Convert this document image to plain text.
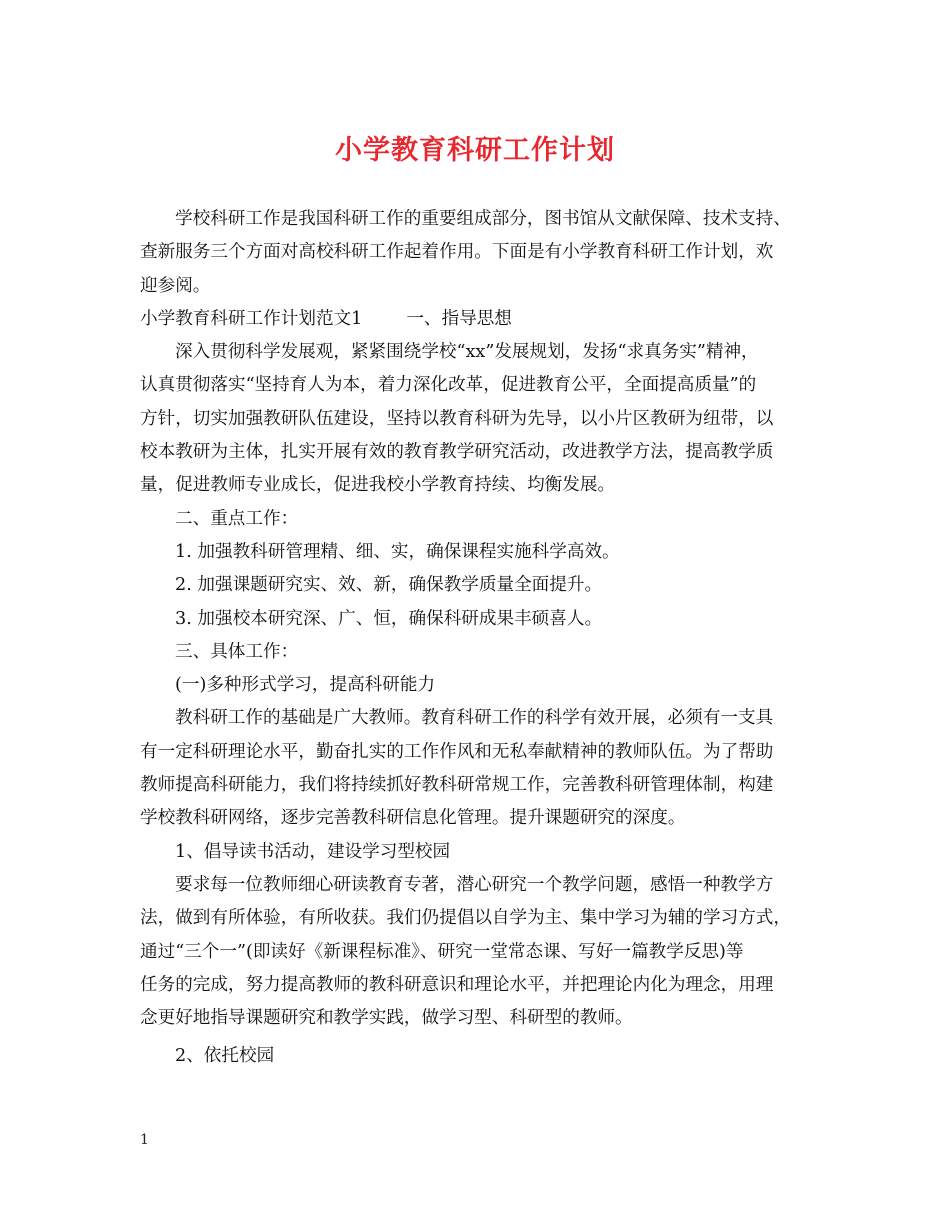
小学教育科研工作计划

学校科研工作是我国科研工作的重要组成部分，图书馆从文献保障、技术支持、

查新服务三个方面对高校科研工作起着作用。下面是有小学教育科研工作计划，欢

迎参阅。

小学教育科研工作计划范文1	一、指导思想

深入贯彻科学发展观，紧紧围绕学校“xx”发展规划，发扬“求真务实”精神，

认真贯彻落实“坚持育人为本，着力深化改革，促进教育公平，全面提高质量”的

方针，切实加强教研队伍建设，坚持以教育科研为先导，以小片区教研为纽带，以

校本教研为主体，扎实开展有效的教育教学研究活动，改进教学方法，提高教学质

量，促进教师专业成长，促进我校小学教育持续、均衡发展。

二、重点工作：

1. 加强教科研管理精、细、实，确保课程实施科学高效。

2. 加强课题研究实、效、新，确保教学质量全面提升。

3. 加强校本研究深、广、恒，确保科研成果丰硕喜人。

三、具体工作：

(一)多种形式学习，提高科研能力

教科研工作的基础是广大教师。教育科研工作的科学有效开展，必须有一支具

有一定科研理论水平，勤奋扎实的工作作风和无私奉献精神的教师队伍。为了帮助

教师提高科研能力，我们将持续抓好教科研常规工作，完善教科研管理体制，构建

学校教科研网络，逐步完善教科研信息化管理。提升课题研究的深度。

1、倡导读书活动，建设学习型校园

要求每一位教师细心研读教育专著，潜心研究一个教学问题，感悟一种教学方

法，做到有所体验，有所收获。我们仍提倡以自学为主、集中学习为辅的学习方式，

通过“三个一”(即读好《新课程标准》、研究一堂常态课、写好一篇教学反思)等

任务的完成，努力提高教师的教科研意识和理论水平，并把理论内化为理念，用理

念更好地指导课题研究和教学实践，做学习型、科研型的教师。

2、依托校园

1
